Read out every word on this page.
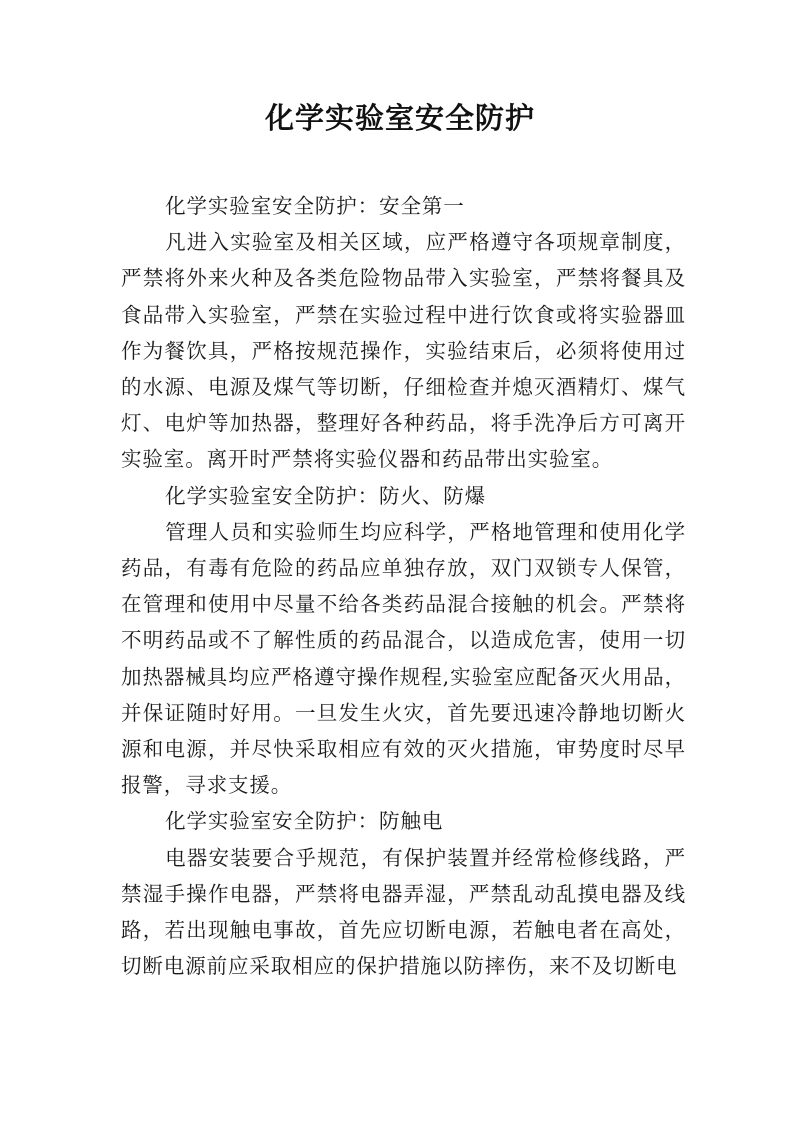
化学实验室安全防护

化学实验室安全防护：安全第一

凡进入实验室及相关区域，应严格遵守各项规章制度，严禁将外来火种及各类危险物品带入实验室，严禁将餐具及食品带入实验室，严禁在实验过程中进行饮食或将实验器皿作为餐饮具，严格按规范操作，实验结束后，必须将使用过的水源、电源及煤气等切断，仔细检查并熄灭酒精灯、煤气灯、电炉等加热器，整理好各种药品，将手洗净后方可离开实验室。离开时严禁将实验仪器和药品带出实验室。

化学实验室安全防护：防火、防爆

管理人员和实验师生均应科学，严格地管理和使用化学药品，有毒有危险的药品应单独存放，双门双锁专人保管，在管理和使用中尽量不给各类药品混合接触的机会。严禁将不明药品或不了解性质的药品混合，以造成危害，使用一切加热器械具均应严格遵守操作规程,实验室应配备灭火用品，并保证随时好用。一旦发生火灾，首先要迅速冷静地切断火源和电源，并尽快采取相应有效的灭火措施，审势度时尽早报警，寻求支援。

化学实验室安全防护：防触电

电器安装要合乎规范，有保护装置并经常检修线路，严禁湿手操作电器，严禁将电器弄湿，严禁乱动乱摸电器及线路，若出现触电事故，首先应切断电源，若触电者在高处，切断电源前应采取相应的保护措施以防摔伤，来不及切断电
